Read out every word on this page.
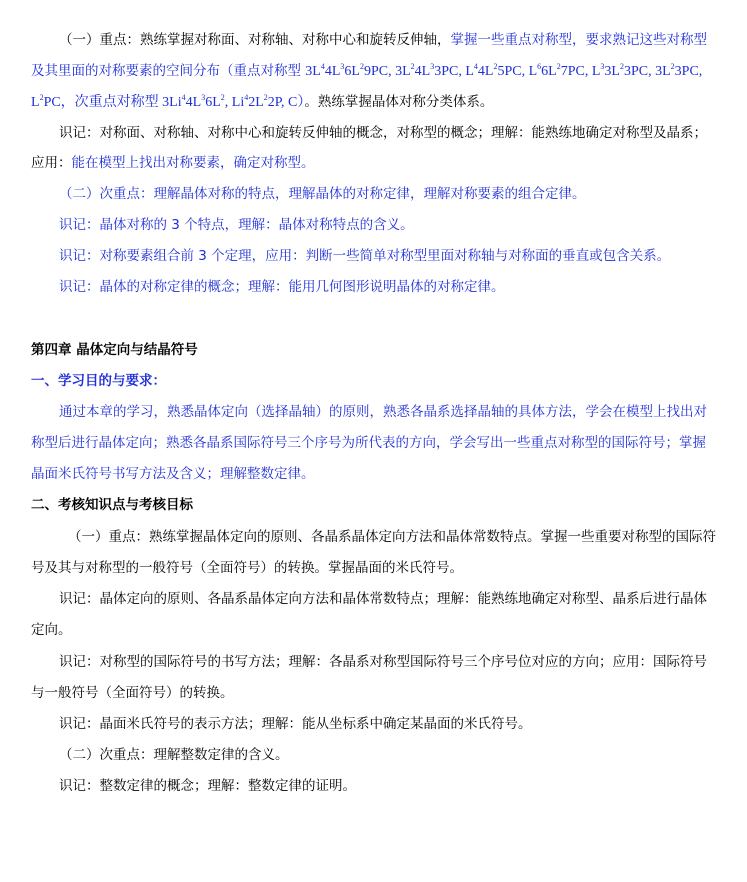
（一）重点：熟练掌握对称面、对称轴、对称中心和旋转反伸轴，掌握一些重点对称型，要求熟记这些对称型
及其里面的对称要素的空间分布（重点对称型 $3L^44L^36L^29PC$, $3L^24L^33PC$, $L^44L^25PC$, $L^66L^27PC$, $L^33L^23PC$, $3L^23PC$,
$L^2PC$，次重点对称型 $3Li^44L^36L^2$, $Li^42L^22P$, C）。熟练掌握晶体对称分类体系。
识记：对称面、对称轴、对称中心和旋转反伸轴的概念，对称型的概念；理解：能熟练地确定对称型及晶系；
应用：能在模型上找出对称要素，确定对称型。
（二）次重点：理解晶体对称的特点，理解晶体的对称定律，理解对称要素的组合定律。
识记：晶体对称的 3 个特点，理解：晶体对称特点的含义。
识记：对称要素组合前 3 个定理，应用：判断一些简单对称型里面对称轴与对称面的垂直或包含关系。
识记：晶体的对称定律的概念；理解：能用几何图形说明晶体的对称定律。
第四章 晶体定向与结晶符号
一、学习目的与要求：
通过本章的学习，熟悉晶体定向（选择晶轴）的原则，熟悉各晶系选择晶轴的具体方法，学会在模型上找出对
称型后进行晶体定向；熟悉各晶系国际符号三个序号为所代表的方向，学会写出一些重点对称型的国际符号；掌握
晶面米氏符号书写方法及含义；理解整数定律。
二、考核知识点与考核目标
（一）重点：熟练掌握晶体定向的原则、各晶系晶体定向方法和晶体常数特点。掌握一些重要对称型的国际符
号及其与对称型的一般符号（全面符号）的转换。掌握晶面的米氏符号。
识记：晶体定向的原则、各晶系晶体定向方法和晶体常数特点；理解：能熟练地确定对称型、晶系后进行晶体
定向。
识记：对称型的国际符号的书写方法；理解：各晶系对称型国际符号三个序号位对应的方向；应用：国际符号
与一般符号（全面符号）的转换。
识记：晶面米氏符号的表示方法；理解：能从坐标系中确定某晶面的米氏符号。
（二）次重点：理解整数定律的含义。
识记：整数定律的概念；理解：整数定律的证明。
